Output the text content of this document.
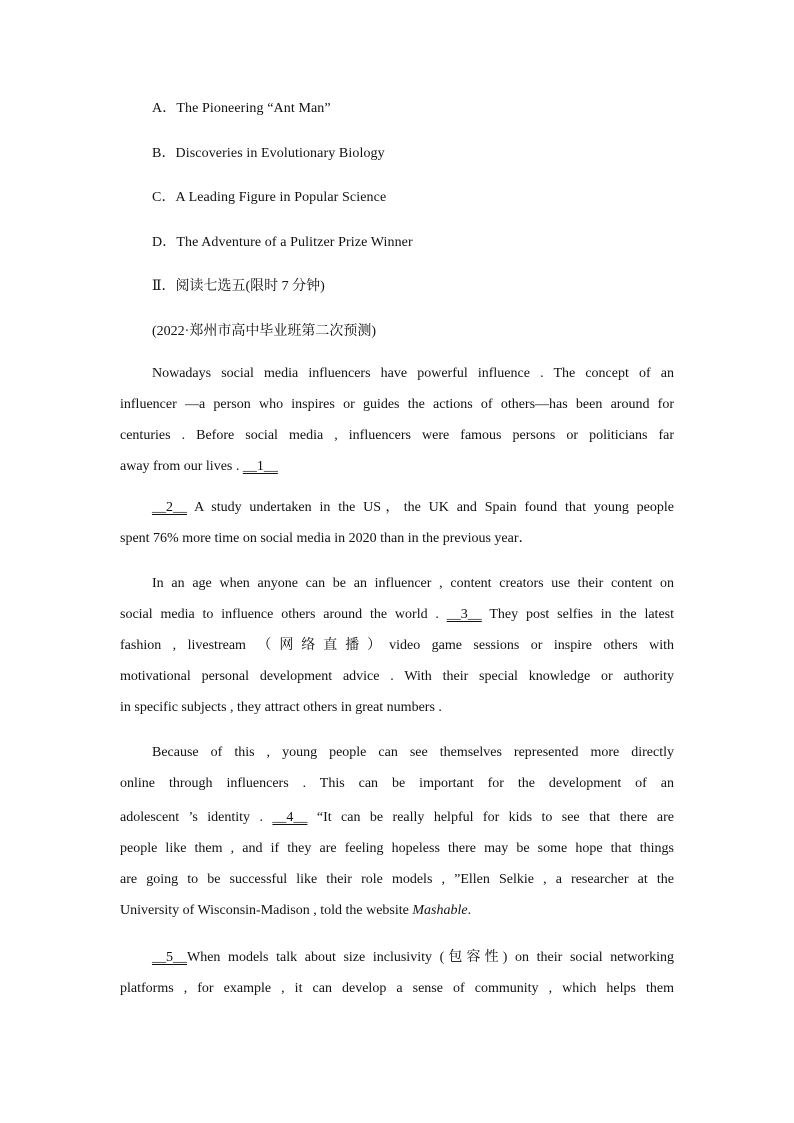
A．The Pioneering “Ant Man”
B．Discoveries in Evolutionary Biology
C．A Leading Figure in Popular Science
D．The Adventure of a Pulitzer Prize Winner
Ⅱ．阅读七选五(限时 7 分钟)
(2022·郑州市高中毕业班第二次预测)
Nowadays social media influencers have powerful influence . The concept of an
influencer —a person who inspires or guides the actions of others—has been around for
centuries . Before social media , influencers were famous persons or politicians far
away from our lives . __1__
__2__ A study undertaken in the US，the UK and Spain found that young people
spent 76% more time on social media in 2020 than in the previous year．
In an age when anyone can be an influencer , content creators use their content on
social media to influence others around the world . __3__ They post selfies in the latest
fashion , livestream （网络直播）video game sessions or inspire others with
motivational personal development advice . With their special knowledge or authority
in specific subjects , they attract others in great numbers .
Because of this , young people can see themselves represented more directly
online through influencers . This can be important for the development of an
adolescent ’s identity . __4__ “It can be really helpful for kids to see that there are
people like them , and if they are feeling hopeless there may be some hope that things
are going to be successful like their role models , ”Ellen Selkie , a researcher at the
University of Wisconsin-Madison , told the website Mashable.
__5__When models talk about size inclusivity (包容性) on their social networking
platforms , for example , it can develop a sense of community , which helps them
